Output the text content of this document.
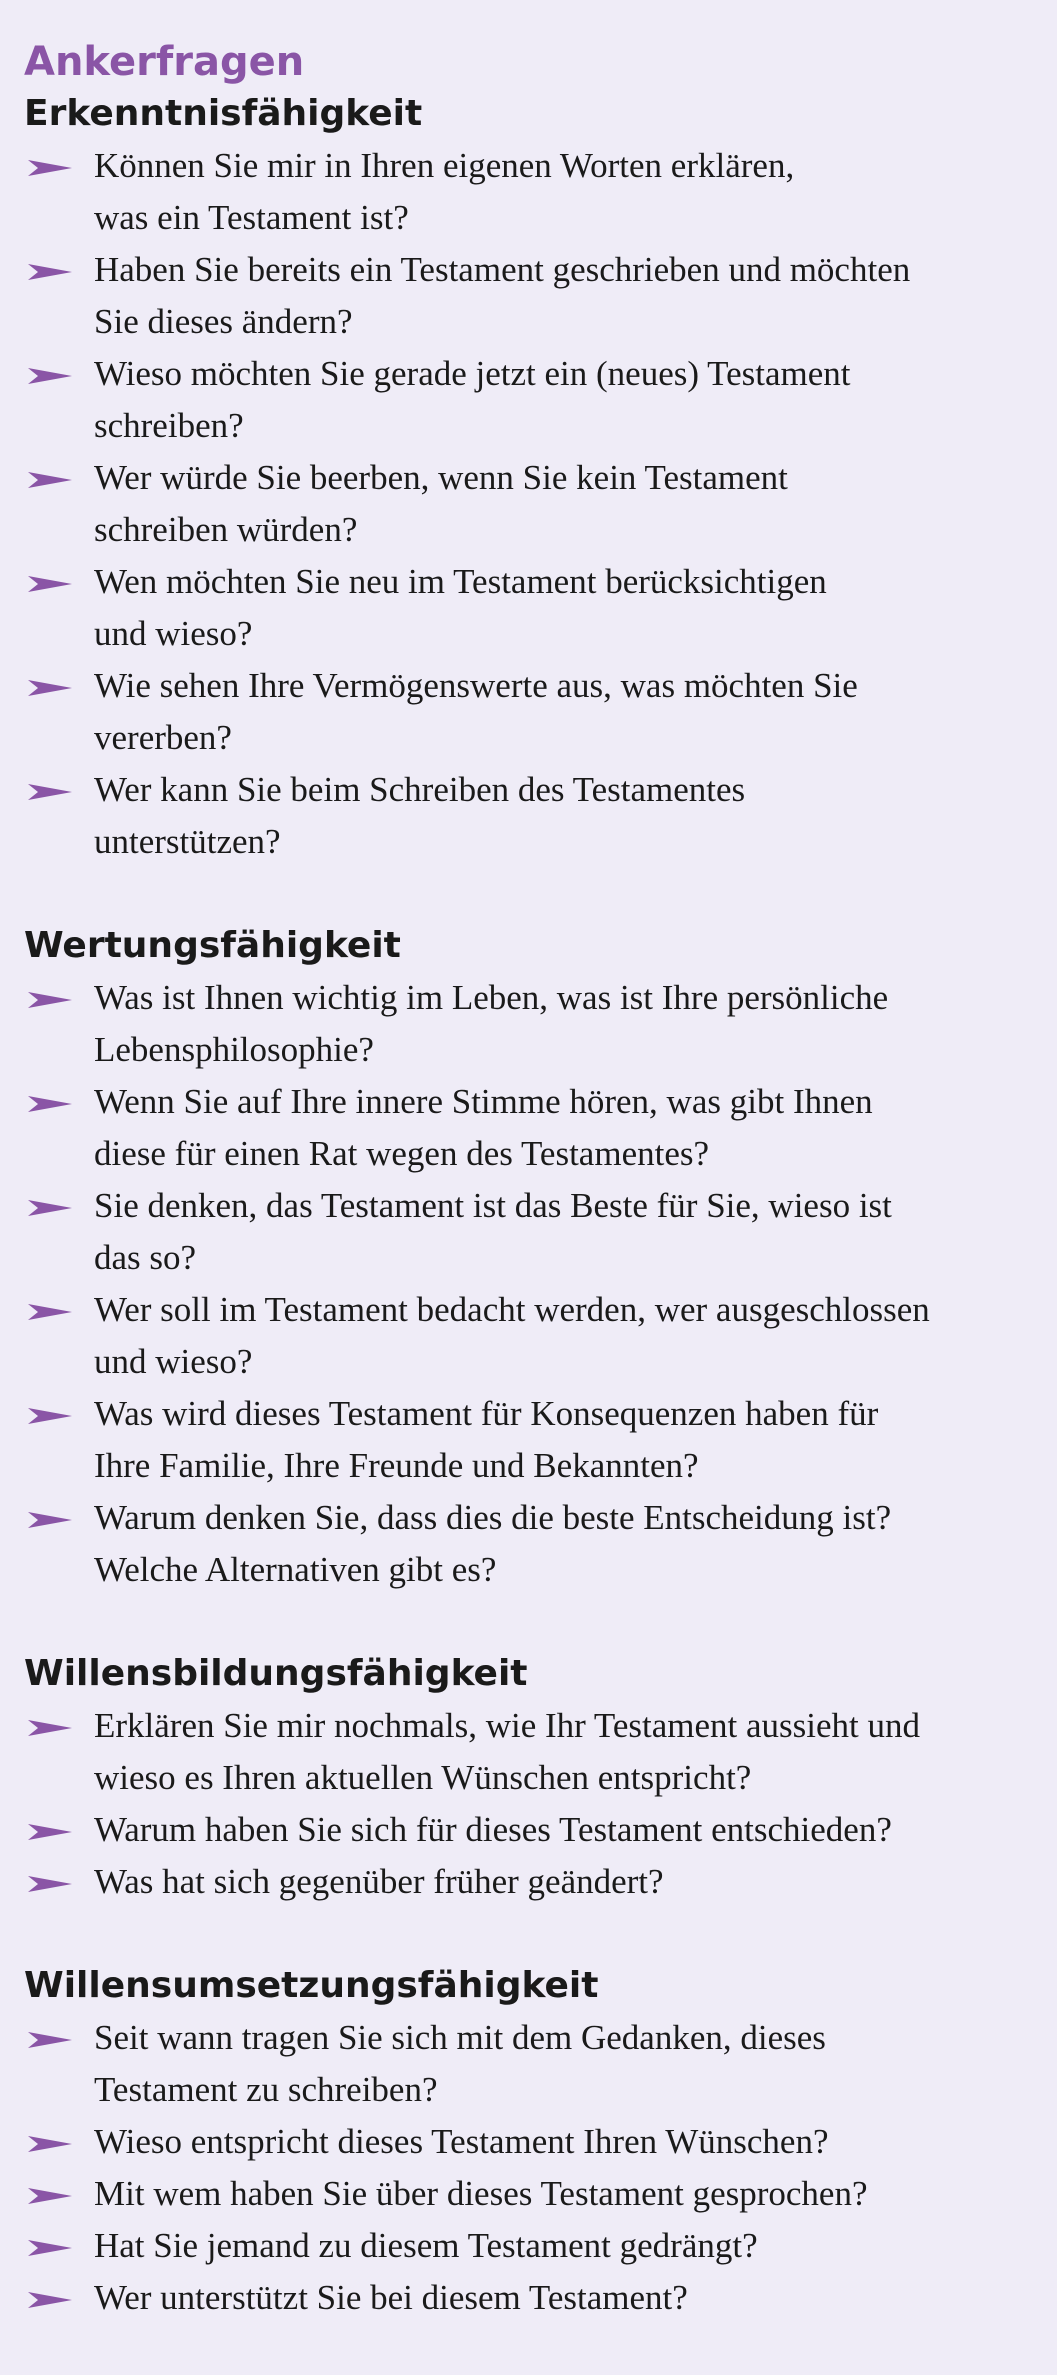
Ankerfragen
Erkenntnisfähigkeit
Können Sie mir in Ihren eigenen Worten erklären,
was ein Testament ist?
Haben Sie bereits ein Testament geschrieben und möchten
Sie dieses ändern?
Wieso möchten Sie gerade jetzt ein (neues) Testament
schreiben?
Wer würde Sie beerben, wenn Sie kein Testament
schreiben würden?
Wen möchten Sie neu im Testament berücksichtigen
und wieso?
Wie sehen Ihre Vermögenswerte aus, was möchten Sie
vererben?
Wer kann Sie beim Schreiben des Testamentes
unterstützen?
Wertungsfähigkeit
Was ist Ihnen wichtig im Leben, was ist Ihre persönliche
Lebensphilosophie?
Wenn Sie auf Ihre innere Stimme hören, was gibt Ihnen
diese für einen Rat wegen des Testamentes?
Sie denken, das Testament ist das Beste für Sie, wieso ist
das so?
Wer soll im Testament bedacht werden, wer ausgeschlossen
und wieso?
Was wird dieses Testament für Konsequenzen haben für
Ihre Familie, Ihre Freunde und Bekannten?
Warum denken Sie, dass dies die beste Entscheidung ist?
Welche Alternativen gibt es?
Willensbildungsfähigkeit
Erklären Sie mir nochmals, wie Ihr Testament aussieht und
wieso es Ihren aktuellen Wünschen entspricht?
Warum haben Sie sich für dieses Testament entschieden?
Was hat sich gegenüber früher geändert?
Willensumsetzungsfähigkeit
Seit wann tragen Sie sich mit dem Gedanken, dieses
Testament zu schreiben?
Wieso entspricht dieses Testament Ihren Wünschen?
Mit wem haben Sie über dieses Testament gesprochen?
Hat Sie jemand zu diesem Testament gedrängt?
Wer unterstützt Sie bei diesem Testament?
